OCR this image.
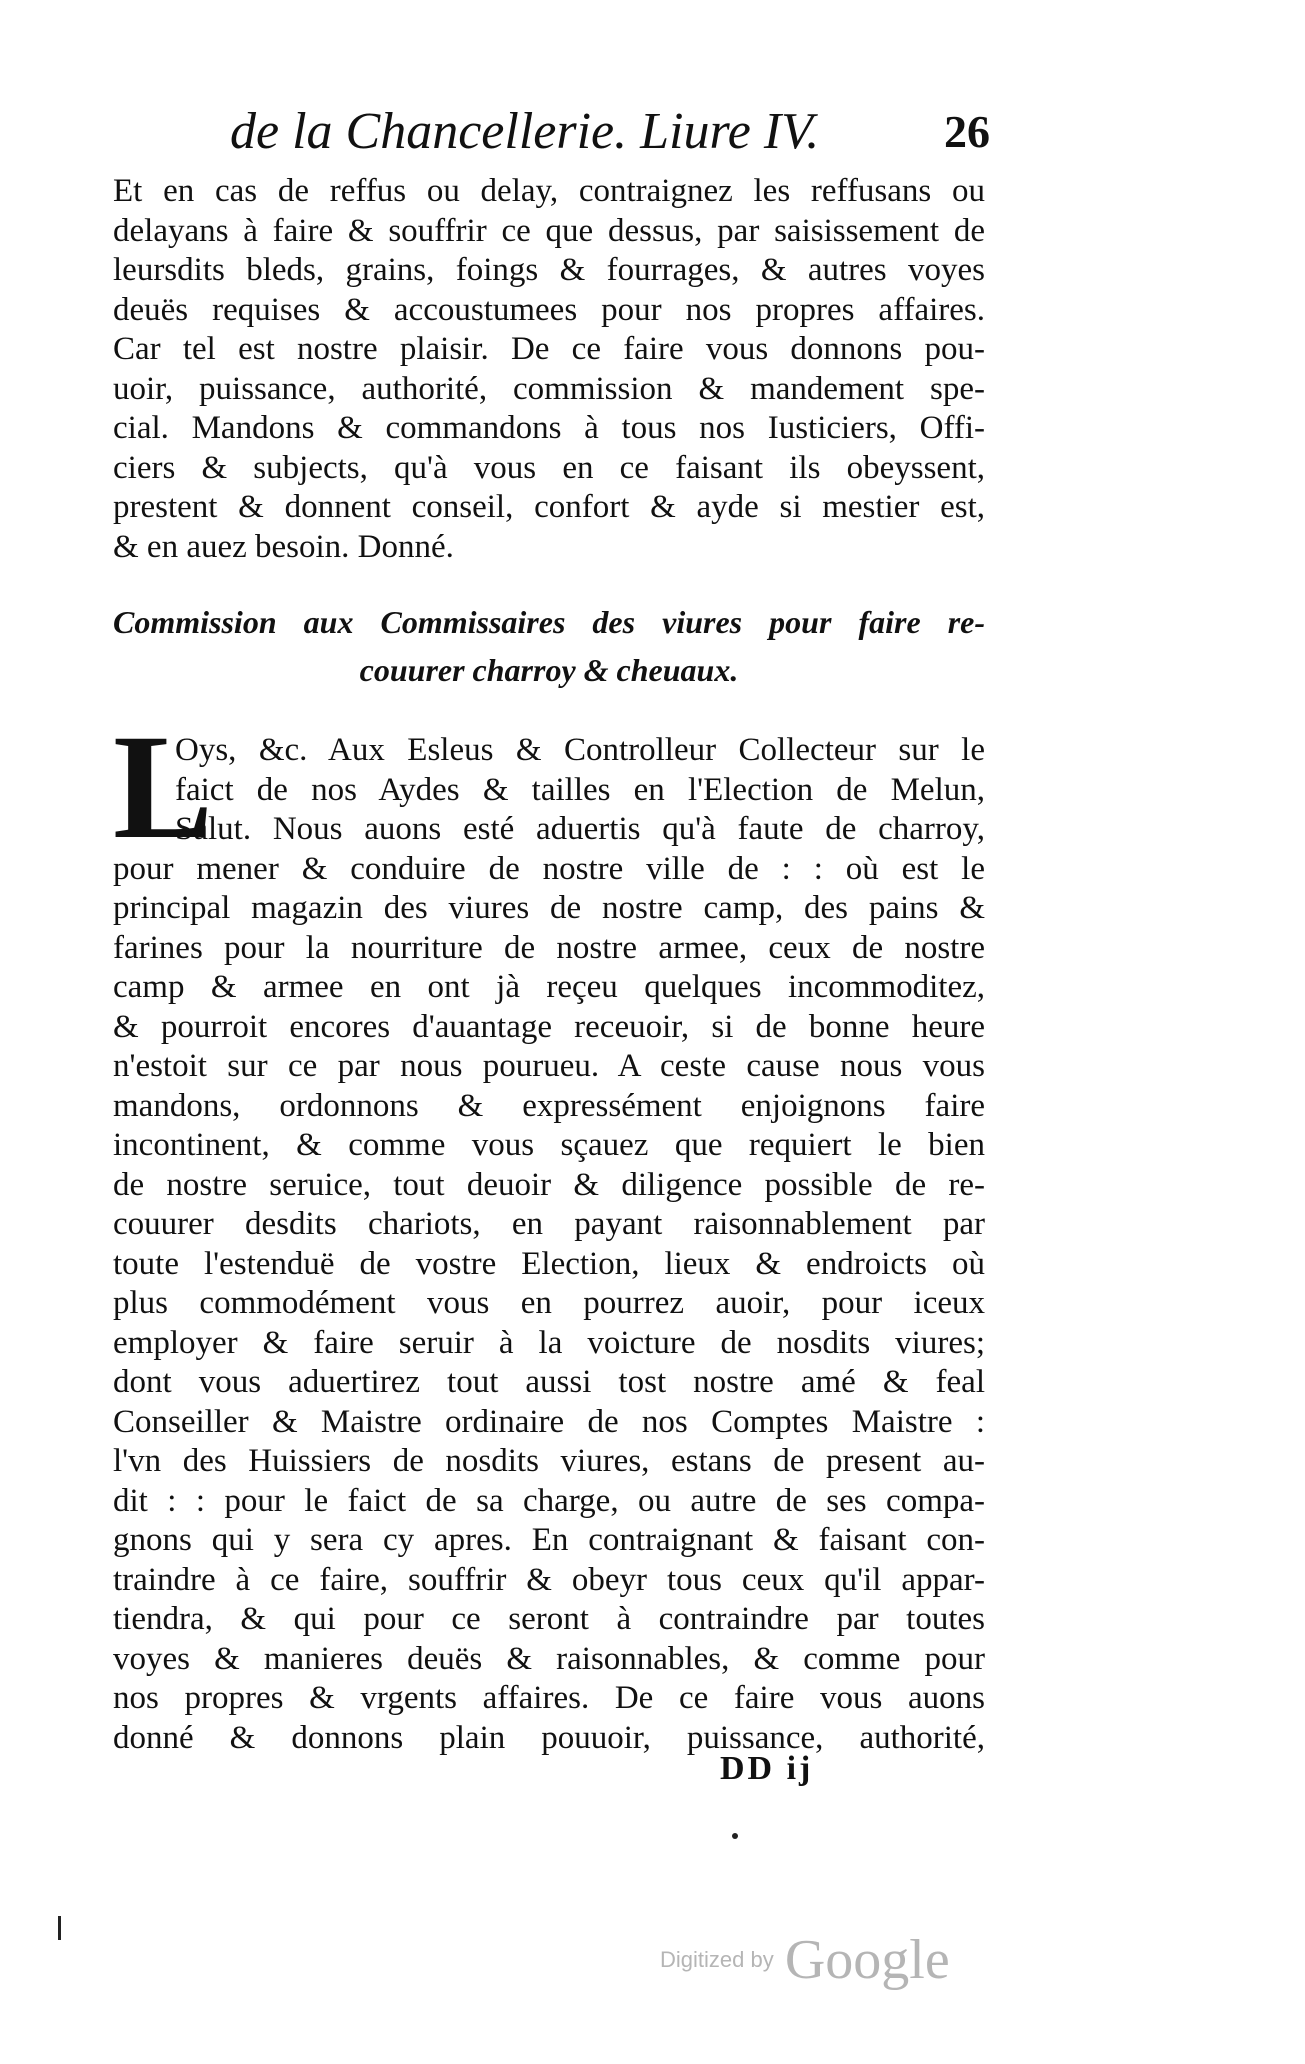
de la Chancellerie. Liure IV.	26
Et en cas de reffus ou delay, contraignez les reffusans ou
delayans à faire & souffrir ce que dessus, par saisissement de
leursdits bleds, grains, foings & fourrages, & autres voyes
deuës requises & accoustumees pour nos propres affaires.
Car tel est nostre plaisir. De ce faire vous donnons pou-
uoir, puissance, authorité, commission & mandement spe-
cial. Mandons & commandons à tous nos Iusticiers, Offi-
ciers & subjects, qu'à vous en ce faisant ils obeyssent,
prestent & donnent conseil, confort & ayde si mestier est,
& en auez besoin. Donné.
Commission aux Commissaires des viures pour faire re-
couurer charroy & cheuaux.
L
Oys, &c. Aux Esleus & Controlleur Collecteur sur le
faict de nos Aydes & tailles en l'Election de Melun,
Salut. Nous auons esté aduertis qu'à faute de charroy,
pour mener & conduire de nostre ville de : : où est le
principal magazin des viures de nostre camp, des pains &
farines pour la nourriture de nostre armee, ceux de nostre
camp & armee en ont jà reçeu quelques incommoditez,
& pourroit encores d'auantage receuoir, si de bonne heure
n'estoit sur ce par nous pourueu. A ceste cause nous vous
mandons, ordonnons & expressément enjoignons faire
incontinent, & comme vous sçauez que requiert le bien
de nostre seruice, tout deuoir & diligence possible de re-
couurer desdits chariots, en payant raisonnablement par
toute l'estenduë de vostre Election, lieux & endroicts où
plus commodément vous en pourrez auoir, pour iceux
employer & faire seruir à la voicture de nosdits viures;
dont vous aduertirez tout aussi tost nostre amé & feal
Conseiller & Maistre ordinaire de nos Comptes Maistre :
l'vn des Huissiers de nosdits viures, estans de present au-
dit : : pour le faict de sa charge, ou autre de ses compa-
gnons qui y sera cy apres. En contraignant & faisant con-
traindre à ce faire, souffrir & obeyr tous ceux qu'il appar-
tiendra, & qui pour ce seront à contraindre par toutes
voyes & manieres deuës & raisonnables, & comme pour
nos propres & vrgents affaires. De ce faire vous auons
donné & donnons plain pouuoir, puissance, authorité,
DD ij
Digitized by Google
